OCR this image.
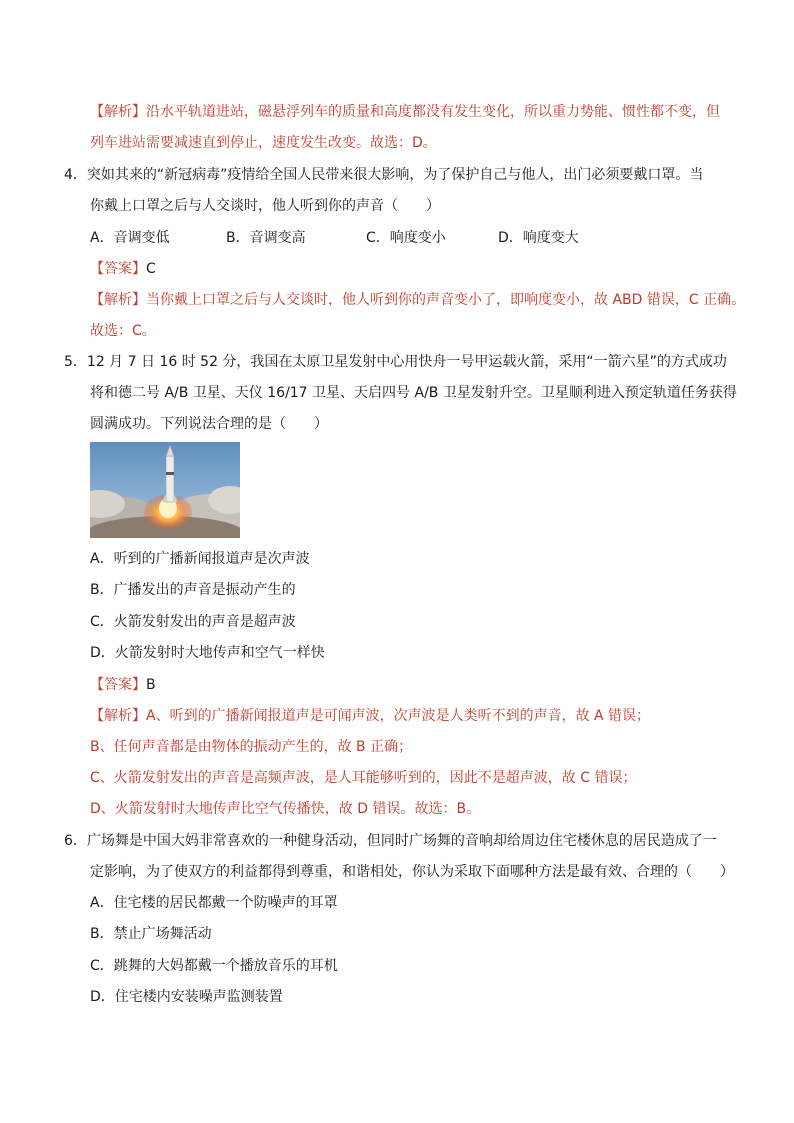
【解析】沿水平轨道进站，磁悬浮列车的质量和高度都没有发生变化，所以重力势能、惯性都不变，但
列车进站需要减速直到停止，速度发生改变。故选：D。
4．突如其来的“新冠病毒”疫情给全国人民带来很大影响，为了保护自己与他人，出门必须要戴口罩。当
你戴上口罩之后与人交谈时，他人听到你的声音（　　）
A．音调变低	B．音调变高	C．响度变小	D．响度变大
【答案】C
【解析】当你戴上口罩之后与人交谈时，他人听到你的声音变小了，即响度变小，故 ABD 错误，C 正确。
故选：C。
5．12 月 7 日 16 时 52 分，我国在太原卫星发射中心用快舟一号甲运载火箭，采用“一箭六星”的方式成功
将和德二号 A/B 卫星、天仪 16/17 卫星、天启四号 A/B 卫星发射升空。卫星顺利进入预定轨道任务获得
圆满成功。下列说法合理的是（　　）
A．听到的广播新闻报道声是次声波
B．广播发出的声音是振动产生的
C．火箭发射发出的声音是超声波
D．火箭发射时大地传声和空气一样快
【答案】B
【解析】A、听到的广播新闻报道声是可闻声波，次声波是人类听不到的声音，故 A 错误；
B、任何声音都是由物体的振动产生的，故 B 正确；
C、火箭发射发出的声音是高频声波，是人耳能够听到的，因此不是超声波，故 C 错误；
D、火箭发射时大地传声比空气传播快，故 D 错误。故选：B。
6．广场舞是中国大妈非常喜欢的一种健身活动，但同时广场舞的音响却给周边住宅楼休息的居民造成了一
定影响，为了使双方的利益都得到尊重，和谐相处，你认为采取下面哪种方法是最有效、合理的（　　）
A．住宅楼的居民都戴一个防噪声的耳罩
B．禁止广场舞活动
C．跳舞的大妈都戴一个播放音乐的耳机
D．住宅楼内安装噪声监测装置
